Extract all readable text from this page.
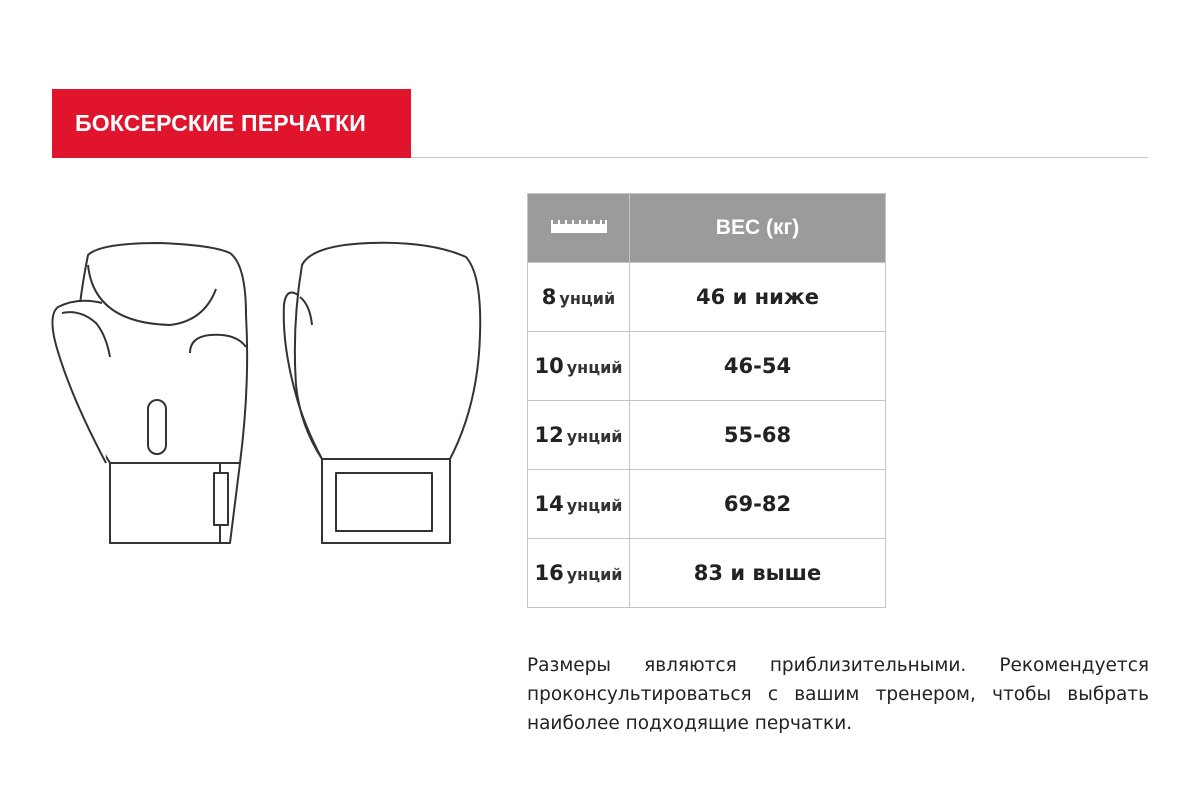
БОКСЕРСКИЕ ПЕРЧАТКИ
	ВЕС (кг)
8 унций	46 и ниже
10 унций	46-54
12 унций	55-68
14 унций	69-82
16 унций	83 и выше

Размеры являются приблизительными. Рекомендуется проконсультироваться с вашим тренером, чтобы выбрать наиболее подходящие перчатки.
